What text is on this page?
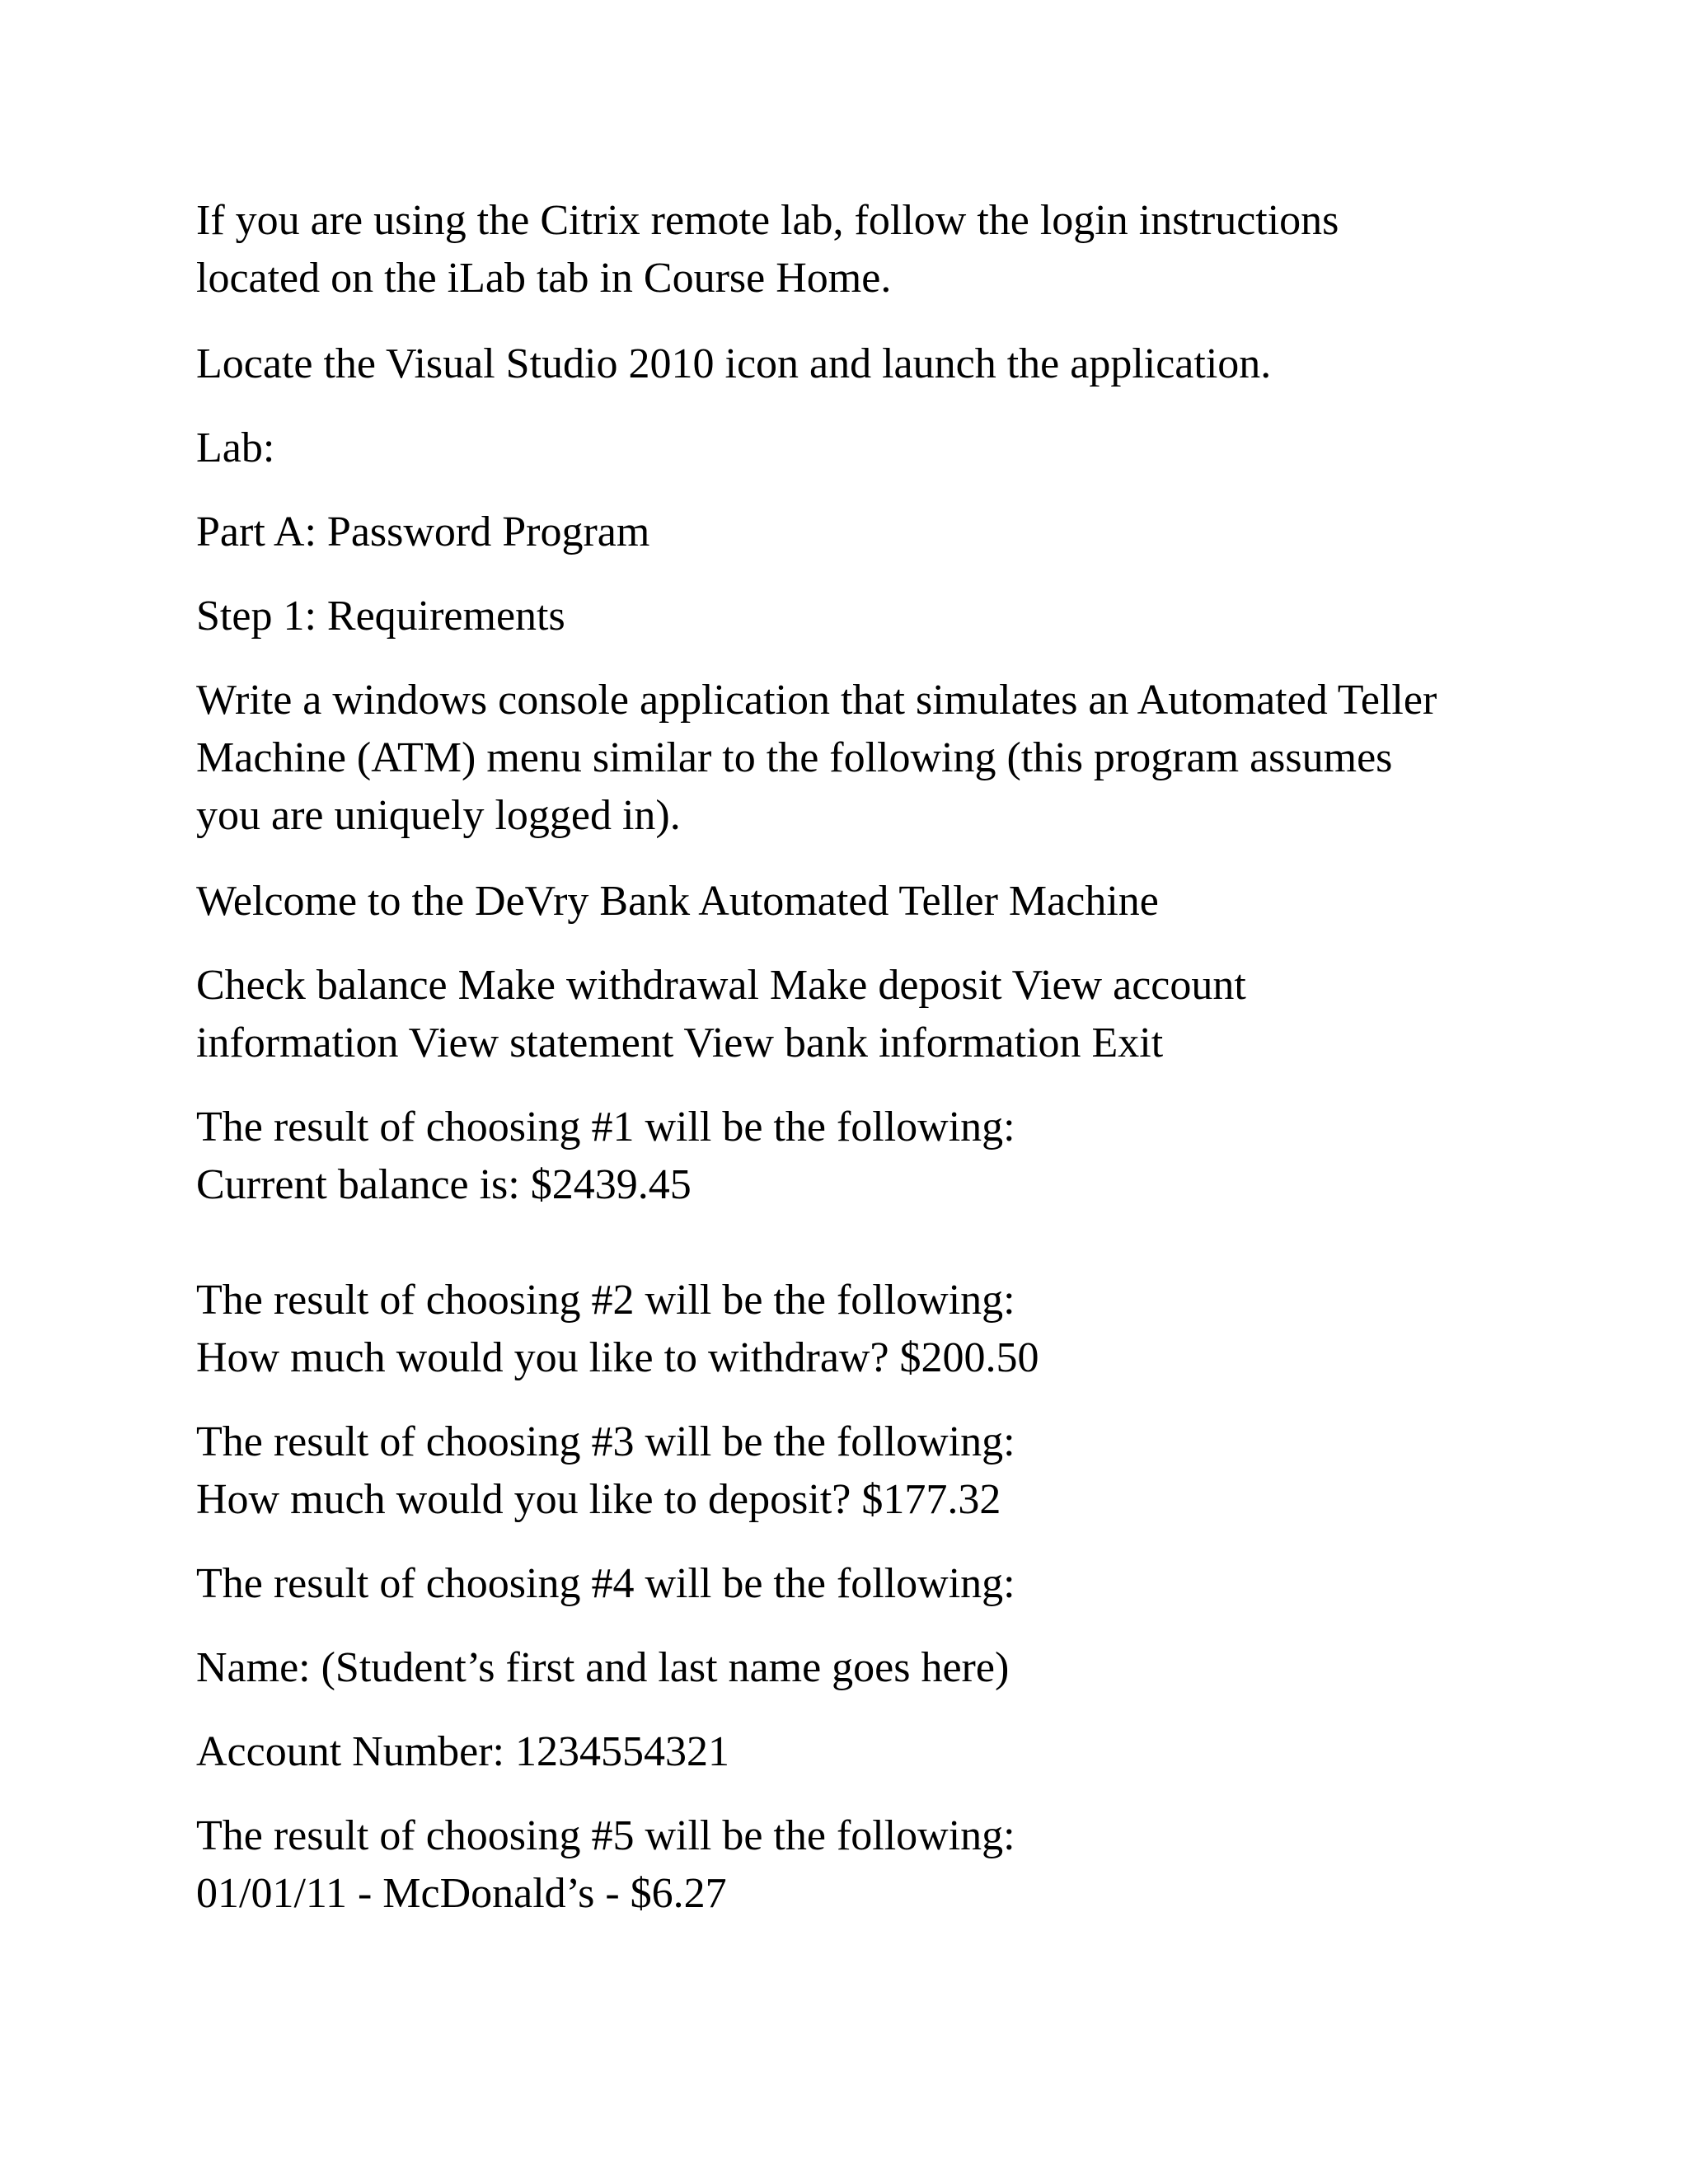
If you are using the Citrix remote lab, follow the login instructions

located on the iLab tab in Course Home.

Locate the Visual Studio 2010 icon and launch the application.

Lab:

Part A: Password Program

Step 1: Requirements

Write a windows console application that simulates an Automated Teller

Machine (ATM) menu similar to the following (this program assumes

you are uniquely logged in).

Welcome to the DeVry Bank Automated Teller Machine

Check balance Make withdrawal Make deposit View account

information View statement View bank information Exit

The result of choosing #1 will be the following:

Current balance is: $2439.45

The result of choosing #2 will be the following:

How much would you like to withdraw? $200.50

The result of choosing #3 will be the following:

How much would you like to deposit? $177.32

The result of choosing #4 will be the following:

Name: (Student’s first and last name goes here)

Account Number: 1234554321

The result of choosing #5 will be the following:

01/01/11 - McDonald’s - $6.27
